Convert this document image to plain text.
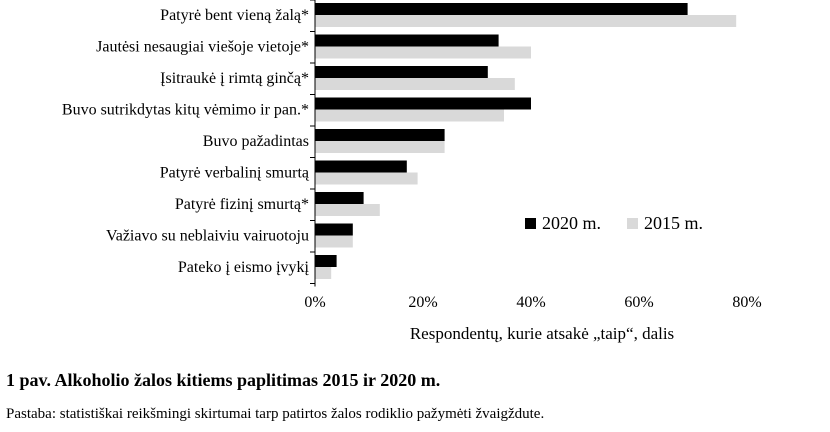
Patyrė bent vieną žalą*
Jautėsi nesaugiai viešoje vietoje*
Įsitraukė į rimtą ginčą*
Buvo sutrikdytas kitų vėmimo ir pan.*
Buvo pažadintas
Patyrė verbalinį smurtą
Patyrė fizinį smurtą*
Važiavo su neblaiviu vairuotoju
Pateko į eismo įvykį
0%	20%	40%	60%	80%
Respondentų, kurie atsakė „taip“, dalis
2020 m. 2015 m.
1 pav. Alkoholio žalos kitiems paplitimas 2015 ir 2020 m.
Pastaba: statistiškai reikšmingi skirtumai tarp patirtos žalos rodiklio pažymėti žvaigždute.
